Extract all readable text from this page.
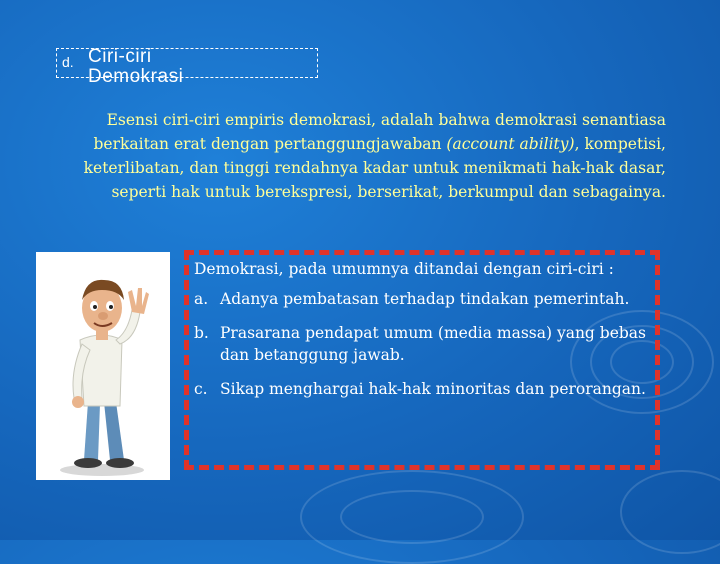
d. Ciri-ciri
Demokrasi

Esensi ciri-ciri empiris demokrasi, adalah bahwa demokrasi senantiasa berkaitan erat dengan pertanggungjawaban (account ability), kompetisi, keterlibatan, dan tinggi rendahnya kadar untuk menikmati hak-hak dasar, seperti hak untuk berekspresi, berserikat, berkumpul dan sebagainya.

Demokrasi, pada umumnya ditandai dengan ciri-ciri :

a. Adanya pembatasan terhadap tindakan pemerintah.
b. Prasarana pendapat umum (media massa) yang bebas dan betanggung jawab.
c. Sikap menghargai hak-hak minoritas dan perorangan.
